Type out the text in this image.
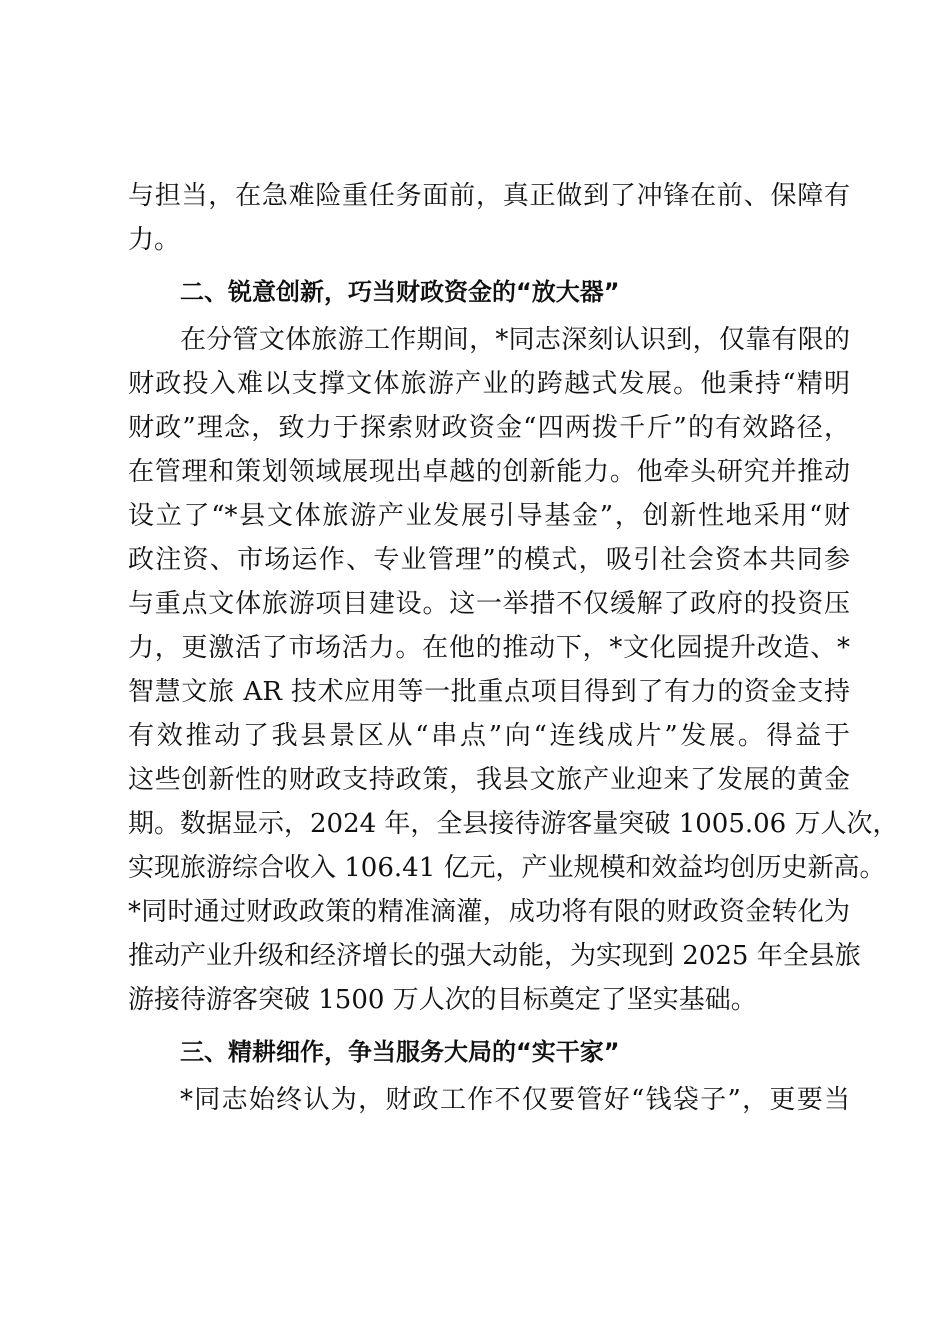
与担当，在急难险重任务面前，真正做到了冲锋在前、保障有
力。
二、锐意创新，巧当财政资金的“放大器”
在分管文体旅游工作期间，*同志深刻认识到，仅靠有限的
财政投入难以支撑文体旅游产业的跨越式发展。他秉持“精明
财政”理念，致力于探索财政资金“四两拨千斤”的有效路径，
在管理和策划领域展现出卓越的创新能力。他牵头研究并推动
设立了“*县文体旅游产业发展引导基金”，创新性地采用“财
政注资、市场运作、专业管理”的模式，吸引社会资本共同参
与重点文体旅游项目建设。这一举措不仅缓解了政府的投资压
力，更激活了市场活力。在他的推动下，*文化园提升改造、*
智慧文旅 AR 技术应用等一批重点项目得到了有力的资金支持
有效推动了我县景区从“串点”向“连线成片”发展。得益于
这些创新性的财政支持政策，我县文旅产业迎来了发展的黄金
期。数据显示，2024 年，全县接待游客量突破 1005.06 万人次，
实现旅游综合收入 106.41 亿元，产业规模和效益均创历史新高。
*同时通过财政政策的精准滴灌，成功将有限的财政资金转化为
推动产业升级和经济增长的强大动能，为实现到 2025 年全县旅
游接待游客突破 1500 万人次的目标奠定了坚实基础。
三、精耕细作，争当服务大局的“实干家”
*同志始终认为，财政工作不仅要管好“钱袋子”，更要当
